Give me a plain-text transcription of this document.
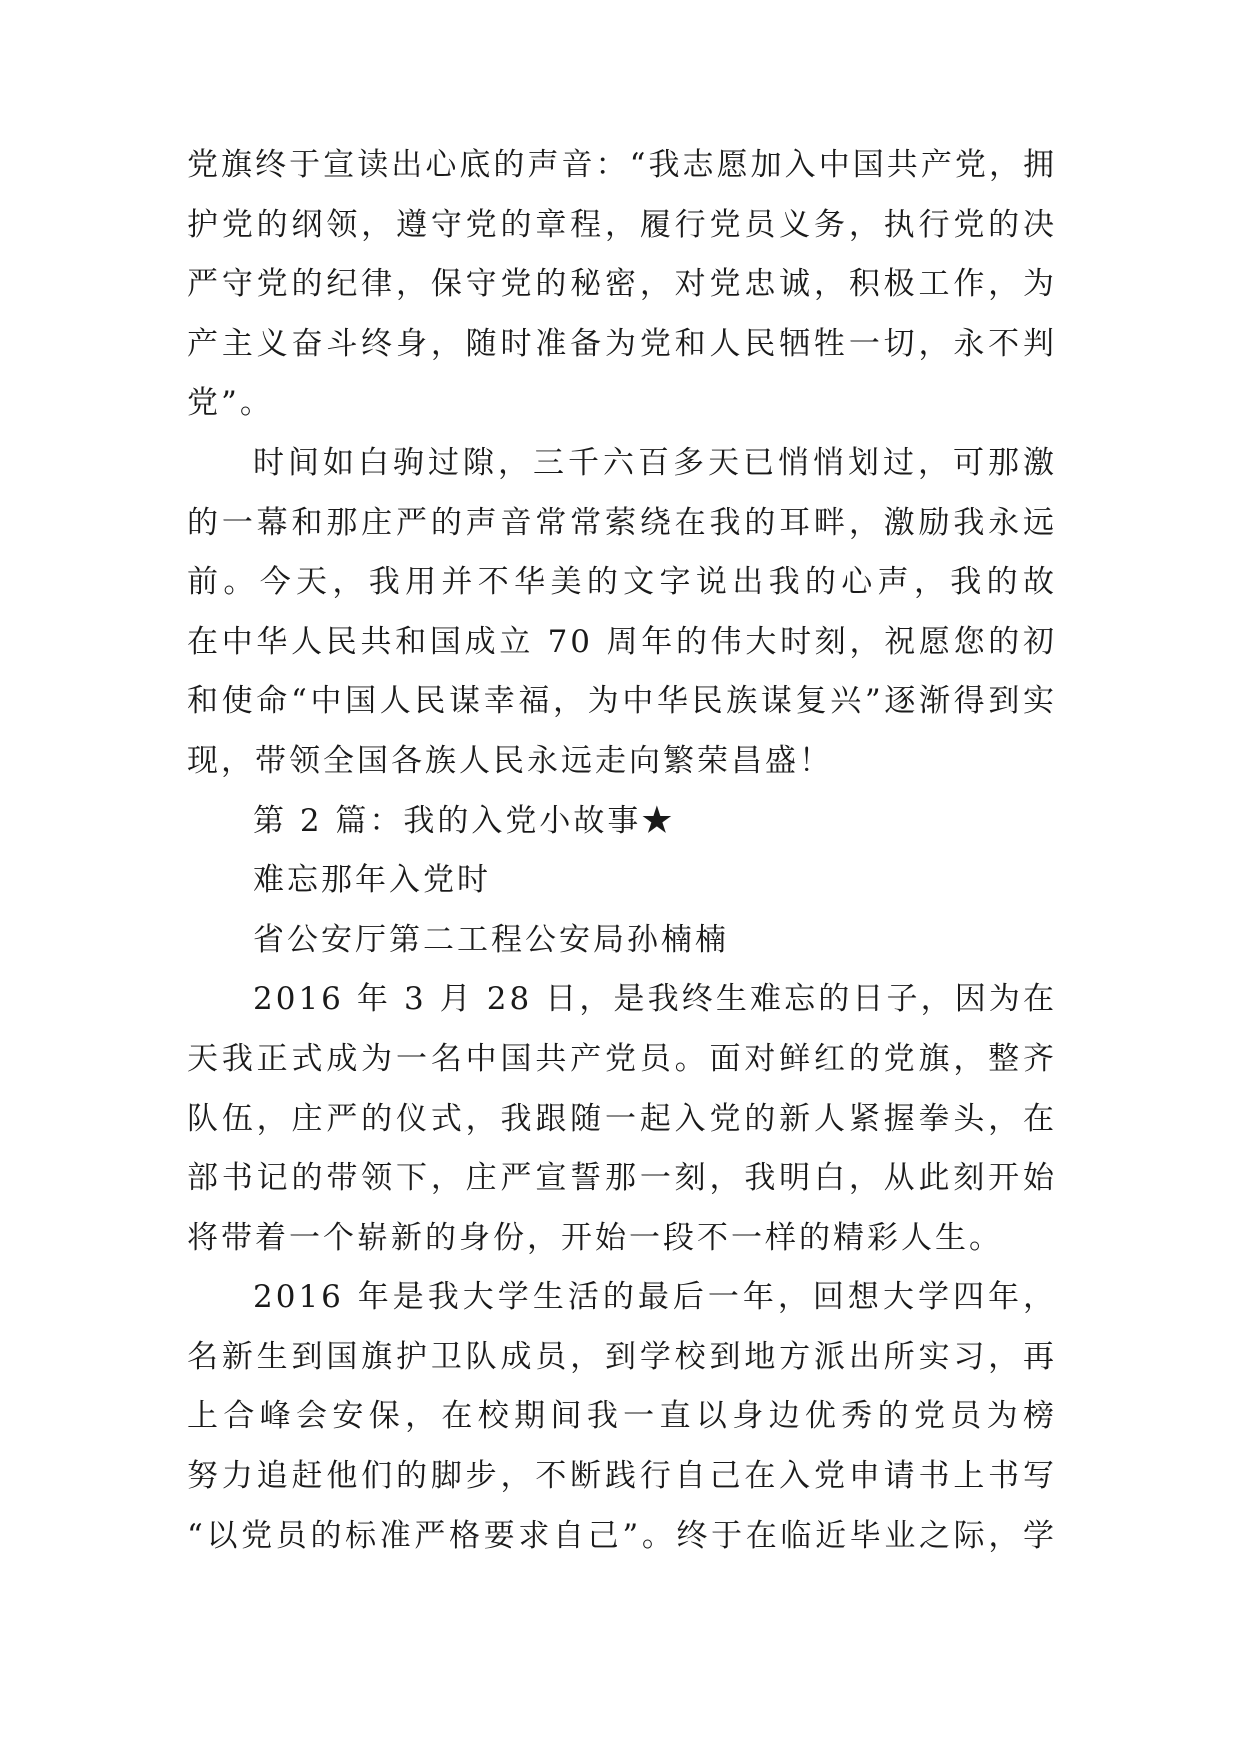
党旗终于宣读出心底的声音：“我志愿加入中国共产党，拥

护党的纲领，遵守党的章程，履行党员义务，执行党的决

严守党的纪律，保守党的秘密，对党忠诚，积极工作，为

产主义奋斗终身，随时准备为党和人民牺牲一切，永不判

党”。

时间如白驹过隙，三千六百多天已悄悄划过，可那激

的一幕和那庄严的声音常常萦绕在我的耳畔，激励我永远

前。今天，我用并不华美的文字说出我的心声，我的故

在中华人民共和国成立 70 周年的伟大时刻，祝愿您的初

和使命“中国人民谋幸福，为中华民族谋复兴”逐渐得到实

现，带领全国各族人民永远走向繁荣昌盛！

第 2 篇：我的入党小故事★

难忘那年入党时

省公安厅第二工程公安局孙楠楠

2016 年 3 月 28 日，是我终生难忘的日子，因为在

天我正式成为一名中国共产党员。面对鲜红的党旗，整齐

队伍，庄严的仪式，我跟随一起入党的新人紧握拳头，在

部书记的带领下，庄严宣誓那一刻，我明白，从此刻开始

将带着一个崭新的身份，开始一段不一样的精彩人生。

2016 年是我大学生活的最后一年，回想大学四年，

名新生到国旗护卫队成员，到学校到地方派出所实习，再

上合峰会安保，在校期间我一直以身边优秀的党员为榜

努力追赶他们的脚步，不断践行自己在入党申请书上书写

“以党员的标准严格要求自己”。终于在临近毕业之际，学
